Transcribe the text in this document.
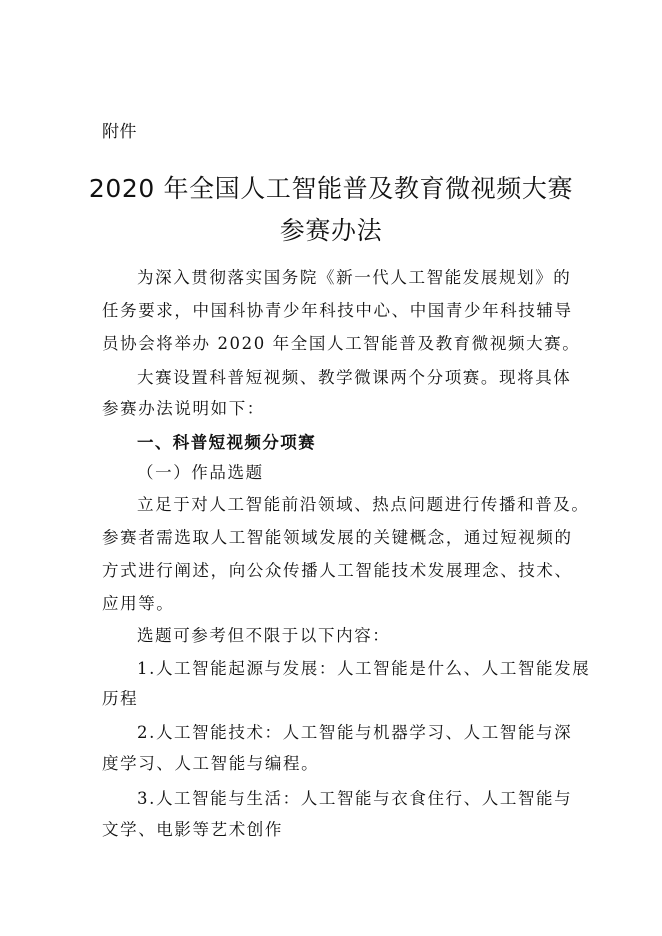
附件
2020 年全国人工智能普及教育微视频大赛
参赛办法
为深入贯彻落实国务院《新一代人工智能发展规划》的
任务要求，中国科协青少年科技中心、中国青少年科技辅导
员协会将举办 2020 年全国人工智能普及教育微视频大赛。
大赛设置科普短视频、教学微课两个分项赛。现将具体
参赛办法说明如下：
一、科普短视频分项赛
（一）作品选题
立足于对人工智能前沿领域、热点问题进行传播和普及。
参赛者需选取人工智能领域发展的关键概念，通过短视频的
方式进行阐述，向公众传播人工智能技术发展理念、技术、
应用等。
选题可参考但不限于以下内容：
1.人工智能起源与发展：人工智能是什么、人工智能发展
历程
2.人工智能技术：人工智能与机器学习、人工智能与深
度学习、人工智能与编程。
3.人工智能与生活：人工智能与衣食住行、人工智能与
文学、电影等艺术创作
